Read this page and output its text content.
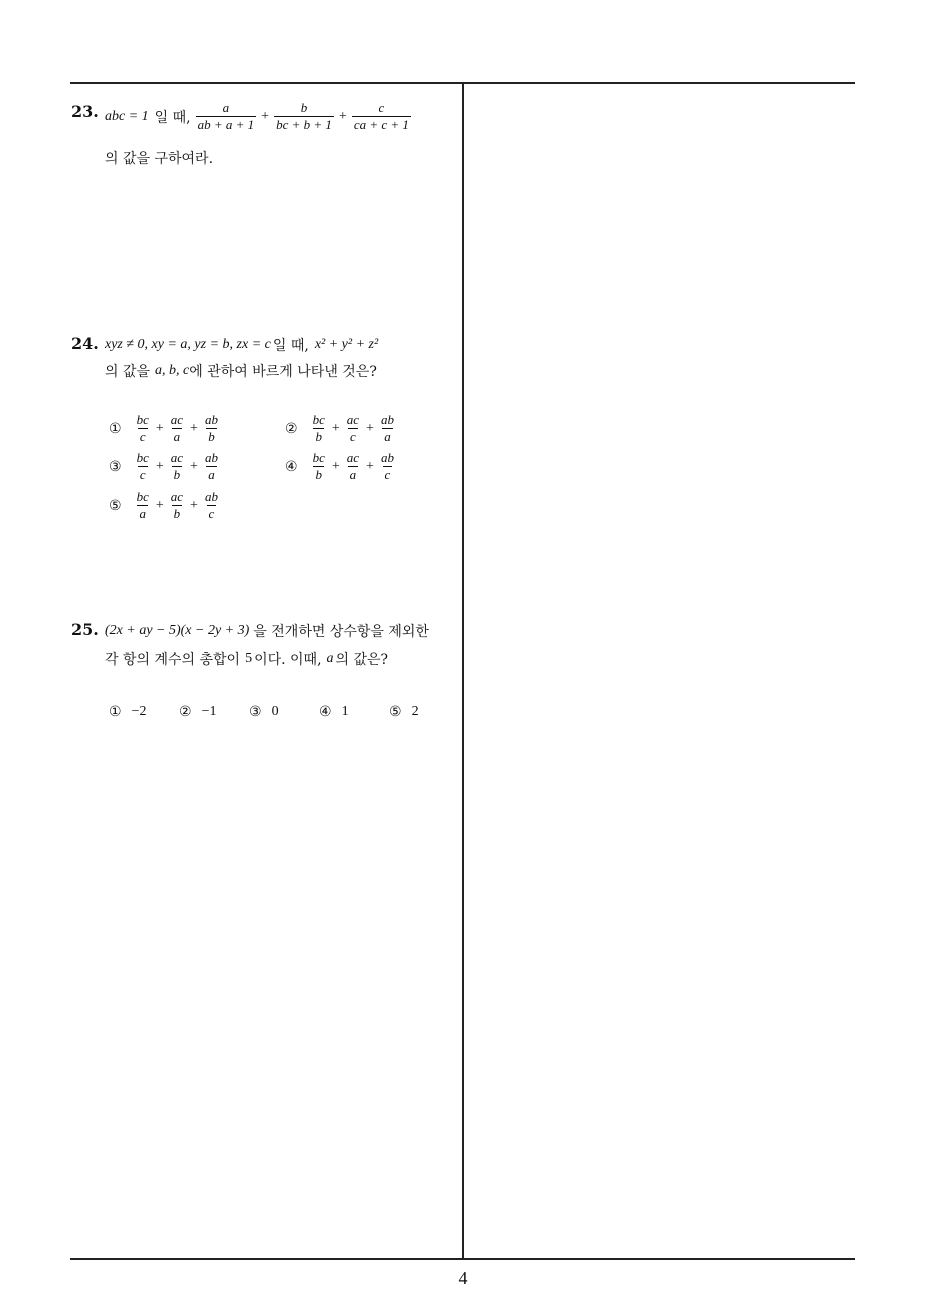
23. abc = 1 일 때, $\frac{a}{ab + a + 1} + \frac{b}{bc + b + 1} + \frac{c}{ca + c + 1}$
의 값을 구하여라.
24. xyz ≠ 0, xy = a, yz = b, zx = c 일 때, x² + y² + z²
의 값을 a, b, c 에 관하여 바르게 나타낸 것은?
① $\frac{bc}{c} + \frac{ac}{a} + \frac{ab}{b}$	② $\frac{bc}{b} + \frac{ac}{c} + \frac{ab}{a}$
③ $\frac{bc}{c} + \frac{ac}{b} + \frac{ab}{a}$	④ $\frac{bc}{b} + \frac{ac}{a} + \frac{ab}{c}$
⑤ $\frac{bc}{a} + \frac{ac}{b} + \frac{ab}{c}$
25. (2x + ay − 5)(x − 2y + 3) 을 전개하면 상수항을 제외한
각 항의 계수의 총합이 5 이다. 이때, a 의 값은?
① −2 ② −1 ③ 0	④ 1	⑤ 2
4
